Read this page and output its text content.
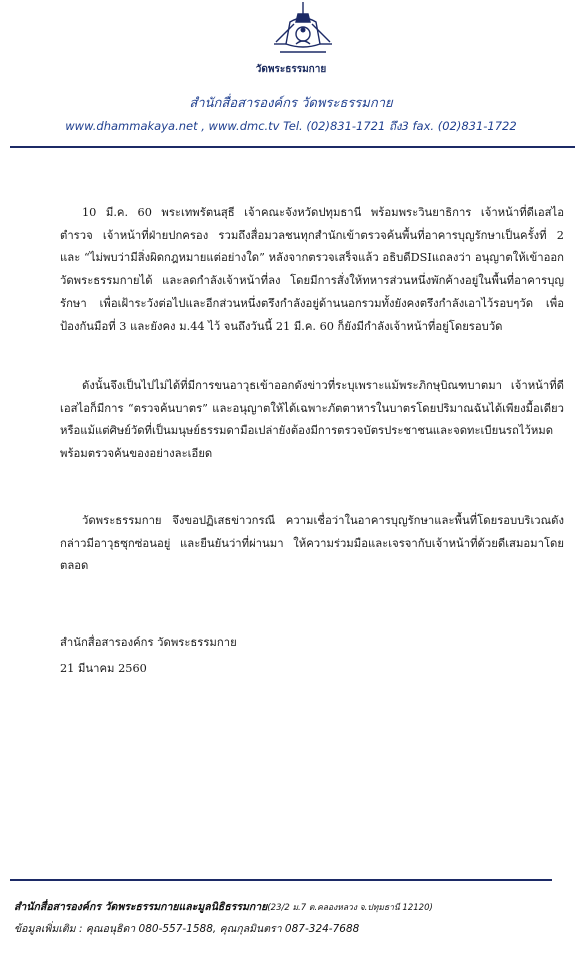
วัดพระธรรมกาย
สำนักสื่อสารองค์กร วัดพระธรรมกาย
www.dhammakaya.net , www.dmc.tv Tel. (02)831-1721 ถึง3 fax. (02)831-1722
10 มี.ค. 60 พระเทพรัตนสุธี เจ้าคณะจังหวัดปทุมธานี พร้อมพระวินยาธิการ เจ้าหน้าที่ดีเอสไอ ตำรวจ เจ้าหน้าที่ฝ่ายปกครอง รวมถึงสื่อมวลชนทุกสำนักเข้าตรวจค้นพื้นที่อาคารบุญรักษาเป็นครั้งที่ 2 และ “ไม่พบว่ามีสิ่งผิดกฎหมายแต่อย่างใด” หลังจากตรวจเสร็จแล้ว อธิบดีDSIแถลงว่า อนุญาตให้เข้าออกวัดพระธรรมกายได้ และลดกำลังเจ้าหน้าที่ลง โดยมีการสั่งให้ทหารส่วนหนึ่งพักค้างอยู่ในพื้นที่อาคารบุญรักษา เพื่อเฝ้าระวังต่อไปและอีกส่วนหนึ่งตรึงกำลังอยู่ด้านนอกรวมทั้งยังคงตรึงกำลังเอาไว้รอบๆวัด เพื่อป้องกันมือที่ 3 และยังคง ม.44 ไว้ จนถึงวันนี้ 21 มี.ค. 60 ก็ยังมีกำลังเจ้าหน้าที่อยู่โดยรอบวัด
ดังนั้นจึงเป็นไปไม่ได้ที่มีการขนอาวุธเข้าออกดังข่าวที่ระบุเพราะแม้พระภิกษุบิณฑบาตมา เจ้าหน้าที่ดีเอสไอก็มีการ “ตรวจค้นบาตร” และอนุญาตให้ได้เฉพาะภัตตาหารในบาตรโดยปริมาณฉันได้เพียงมื้อเดียว หรือแม้แต่ศิษย์วัดที่เป็นมนุษย์ธรรมดามือเปล่ายังต้องมีการตรวจบัตรประชาชนและจดทะเบียนรถไว้หมด พร้อมตรวจค้นของอย่างละเอียด
วัดพระธรรมกาย จึงขอปฏิเสธข่าวกรณี ความเชื่อว่าในอาคารบุญรักษาและพื้นที่โดยรอบบริเวณดังกล่าวมีอาวุธซุกซ่อนอยู่ และยืนยันว่าที่ผ่านมา ให้ความร่วมมือและเจรจากับเจ้าหน้าที่ด้วยดีเสมอมาโดยตลอด
สำนักสื่อสารองค์กร วัดพระธรรมกาย
21 มีนาคม 2560
สำนักสื่อสารองค์กร วัดพระธรรมกายและมูลนิธิธรรมกาย(23/2 ม.7 ต.คลองหลวง จ.ปทุมธานี 12120)
ข้อมูลเพิ่มเติม : คุณอนุธิดา 080-557-1588, คุณกุลมินตรา 087-324-7688
